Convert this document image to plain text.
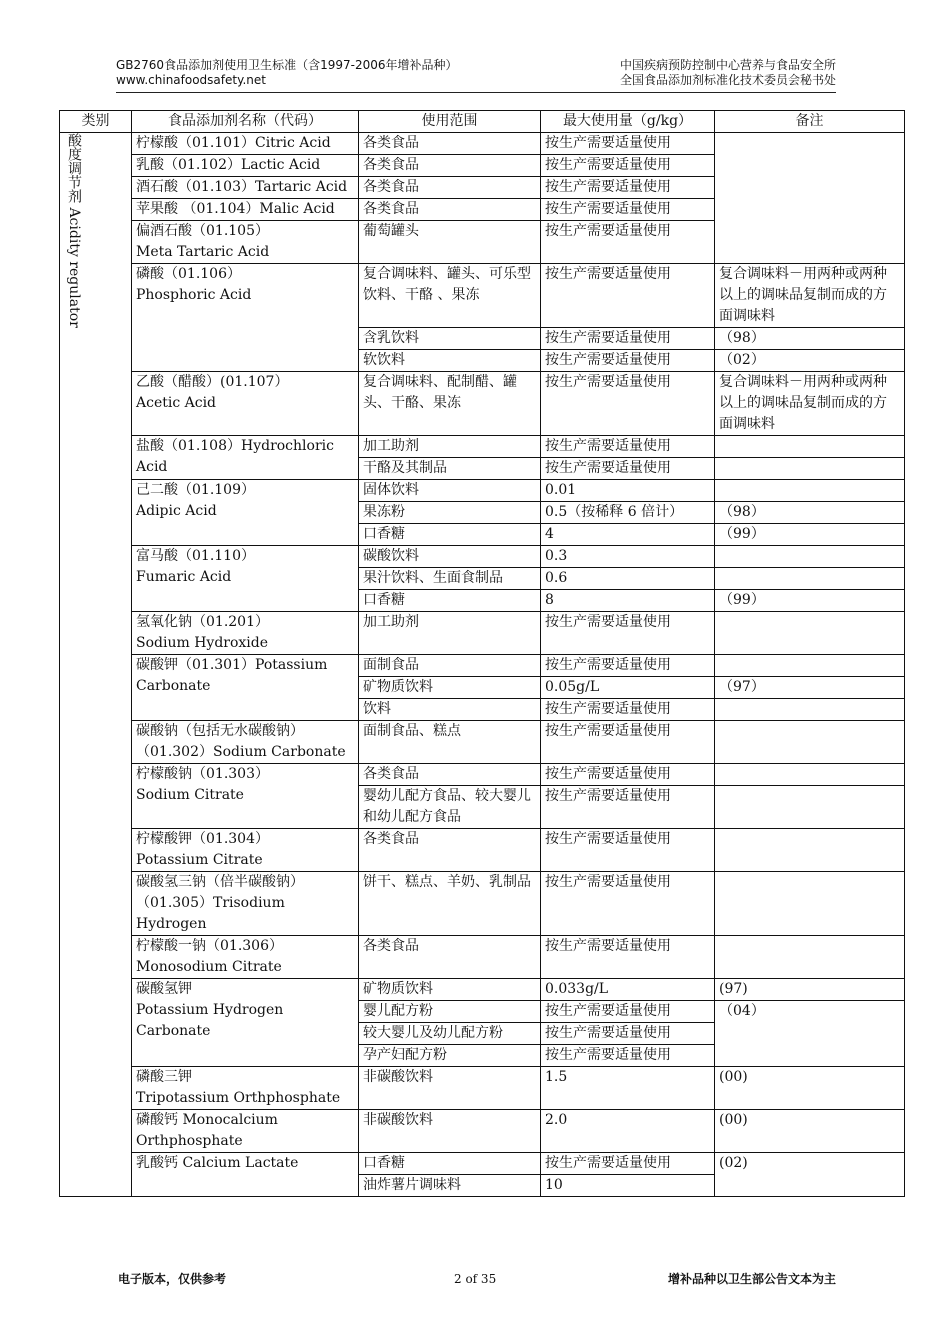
GB2760食品添加剂使用卫生标准（含1997-2006年增补品种）
www.chinafoodsafety.net
中国疾病预防控制中心营养与食品安全所
全国食品添加剂标准化技术委员会秘书处
类别	食品添加剂名称（代码）	使用范围	最大使用量（g/kg）	备注
酸度调节剂 Acidity regulator	柠檬酸（01.101）Citric Acid	各类食品	按生产需要适量使用	

	乳酸（01.102）Lactic Acid	各类食品	按生产需要适量使用	

	酒石酸（01.103）Tartaric Acid	各类食品	按生产需要适量使用	

	苹果酸 （01.104）Malic Acid	各类食品	按生产需要适量使用	

	偏酒石酸（01.105）
Meta Tartaric Acid	葡萄罐头	按生产需要适量使用	

	磷酸（01.106）
Phosphoric Acid	复合调味料、罐头、可乐型饮料、干酪 、果冻	按生产需要适量使用	复合调味料－用两种或两种以上的调味品复制而成的方面调味料
		含乳饮料	按生产需要适量使用	（98）
		软饮料	按生产需要适量使用	（02）

	乙酸（醋酸）(01.107）
Acetic Acid	复合调味料、配制醋、罐头、干酪、果冻	按生产需要适量使用	复合调味料－用两种或两种以上的调味品复制而成的方面调味料

	盐酸（01.108）Hydrochloric
Acid	加工助剂	按生产需要适量使用	
		干酪及其制品	按生产需要适量使用	

	己二酸（01.109）
Adipic Acid	固体饮料	0.01	
		果冻粉	0.5（按稀释 6 倍计）	（98）
		口香糖	4	（99）

	富马酸（01.110）
Fumaric Acid	碳酸饮料	0.3	
		果汁饮料、生面食制品	0.6	
		口香糖	8	（99）

	氢氧化钠（01.201）
Sodium Hydroxide	加工助剂	按生产需要适量使用	

	碳酸钾（01.301）Potassium
Carbonate	面制食品	按生产需要适量使用	
		矿物质饮料	0.05g/L	（97）
		饮料	按生产需要适量使用	

	碳酸钠（包括无水碳酸钠）
（01.302）Sodium Carbonate	面制食品、糕点	按生产需要适量使用	

	柠檬酸钠（01.303）
Sodium Citrate	各类食品	按生产需要适量使用	
		婴幼儿配方食品、较大婴儿和幼儿配方食品	按生产需要适量使用	

	柠檬酸钾（01.304）
Potassium Citrate	各类食品	按生产需要适量使用	

	碳酸氢三钠（倍半碳酸钠）
（01.305）Trisodium
Hydrogen	饼干、糕点、羊奶、乳制品	按生产需要适量使用	

	柠檬酸一钠（01.306）
Monosodium Citrate	各类食品	按生产需要适量使用	

	碳酸氢钾
Potassium Hydrogen
Carbonate	矿物质饮料	0.033g/L	(97)
		婴儿配方粉	按生产需要适量使用	（04）
		较大婴儿及幼儿配方粉	按生产需要适量使用	
		孕产妇配方粉	按生产需要适量使用	

	磷酸三钾
Tripotassium Orthphosphate	非碳酸饮料	1.5	(00)

	磷酸钙 Monocalcium
Orthphosphate	非碳酸饮料	2.0	(00)

	乳酸钙 Calcium Lactate	口香糖	按生产需要适量使用	(02)
		油炸薯片调味料	10	
电子版本，仅供参考	2 of 35	增补品种以卫生部公告文本为主
